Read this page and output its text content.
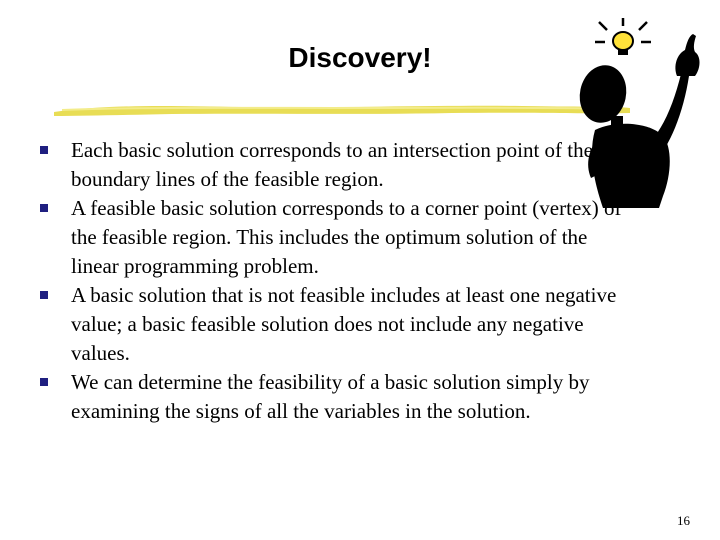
Discovery!
Each basic solution corresponds to an intersection point of the boundary lines of the feasible region.
A feasible basic solution corresponds to a corner point (vertex) of the feasible region. This includes the optimum solution of the linear programming problem.
A basic solution that is not feasible includes at least one negative value; a basic feasible solution does not include any negative values.
We can determine the feasibility of a basic solution simply by examining the signs of all the variables in the solution.
16
